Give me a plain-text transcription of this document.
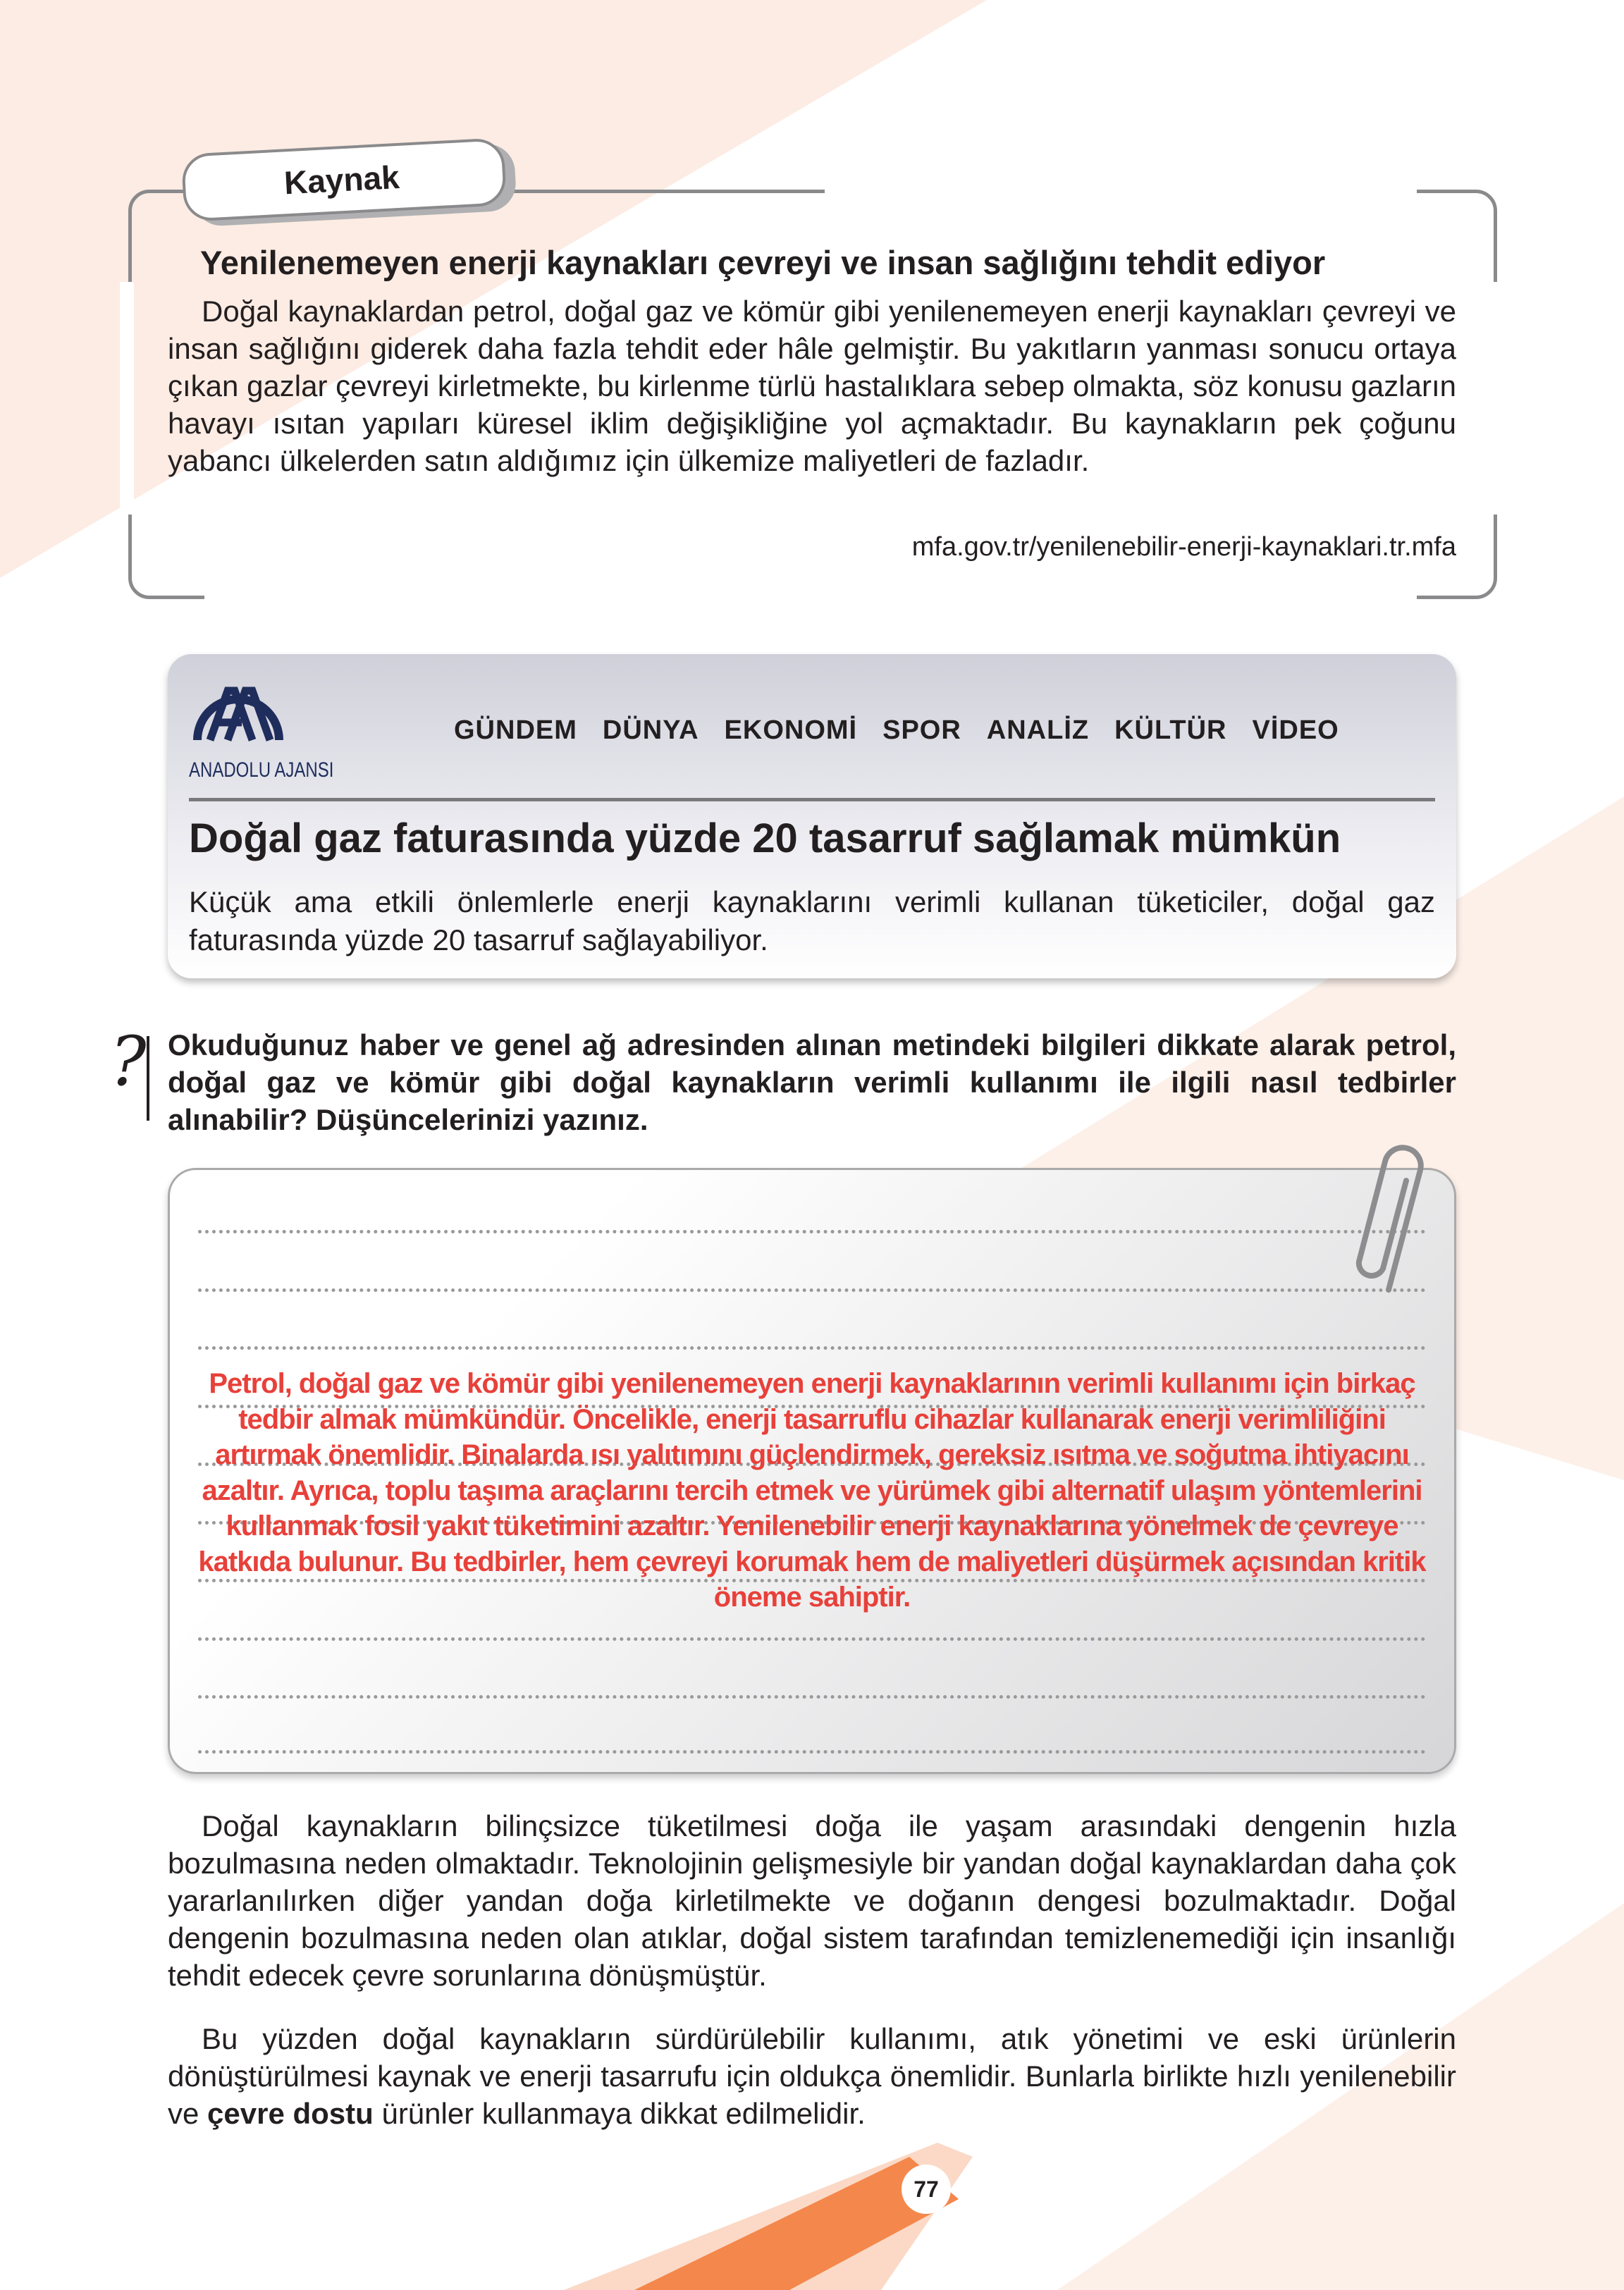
Kaynak
Yenilenemeyen enerji kaynakları çevreyi ve insan sağlığını tehdit ediyor
Doğal kaynaklardan petrol, doğal gaz ve kömür gibi yenilenemeyen enerji kaynakları çevreyi ve insan sağlığını giderek daha fazla tehdit eder hâle gelmiştir. Bu yakıtların yanması sonucu ortaya çıkan gazlar çevreyi kirletmekte, bu kirlenme türlü hastalıklara sebep olmakta, söz konusu gazların havayı ısıtan yapıları küresel iklim değişikliğine yol açmaktadır. Bu kaynakların pek çoğunu yabancı ülkelerden satın aldığımız için ülkemize maliyetleri de fazladır.
mfa.gov.tr/yenilenebilir-enerji-kaynaklari.tr.mfa
ANADOLU AJANSI
GÜNDEM DÜNYA EKONOMİ SPOR ANALİZ KÜLTÜR VİDEO
Doğal gaz faturasında yüzde 20 tasarruf sağlamak mümkün
Küçük ama etkili önlemlerle enerji kaynaklarını verimli kullanan tüketiciler, doğal gaz faturasında yüzde 20 tasarruf sağlayabiliyor.
? Okuduğunuz haber ve genel ağ adresinden alınan metindeki bilgileri dikkate alarak petrol, doğal gaz ve kömür gibi doğal kaynakların verimli kullanımı ile ilgili nasıl tedbirler alınabilir? Düşüncelerinizi yazınız.
Petrol, doğal gaz ve kömür gibi yenilenemeyen enerji kaynaklarının verimli kullanımı için birkaç tedbir almak mümkündür. Öncelikle, enerji tasarruflu cihazlar kullanarak enerji verimliliğini artırmak önemlidir. Binalarda ısı yalıtımını güçlendirmek, gereksiz ısıtma ve soğutma ihtiyacını azaltır. Ayrıca, toplu taşıma araçlarını tercih etmek ve yürümek gibi alternatif ulaşım yöntemlerini kullanmak fosil yakıt tüketimini azaltır. Yenilenebilir enerji kaynaklarına yönelmek de çevreye katkıda bulunur. Bu tedbirler, hem çevreyi korumak hem de maliyetleri düşürmek açısından kritik öneme sahiptir.
Doğal kaynakların bilinçsizce tüketilmesi doğa ile yaşam arasındaki dengenin hızla bozulmasına neden olmaktadır. Teknolojinin gelişmesiyle bir yandan doğal kaynaklardan daha çok yararlanılırken diğer yandan doğa kirletilmekte ve doğanın dengesi bozulmaktadır. Doğal dengenin bozulmasına neden olan atıklar, doğal sistem tarafından temizlenemediği için insanlığı tehdit edecek çevre sorunlarına dönüşmüştür.
Bu yüzden doğal kaynakların sürdürülebilir kullanımı, atık yönetimi ve eski ürünlerin dönüştürülmesi kaynak ve enerji tasarrufu için oldukça önemlidir. Bunlarla birlikte hızlı yenilenebilir ve çevre dostu ürünler kullanmaya dikkat edilmelidir.
77
